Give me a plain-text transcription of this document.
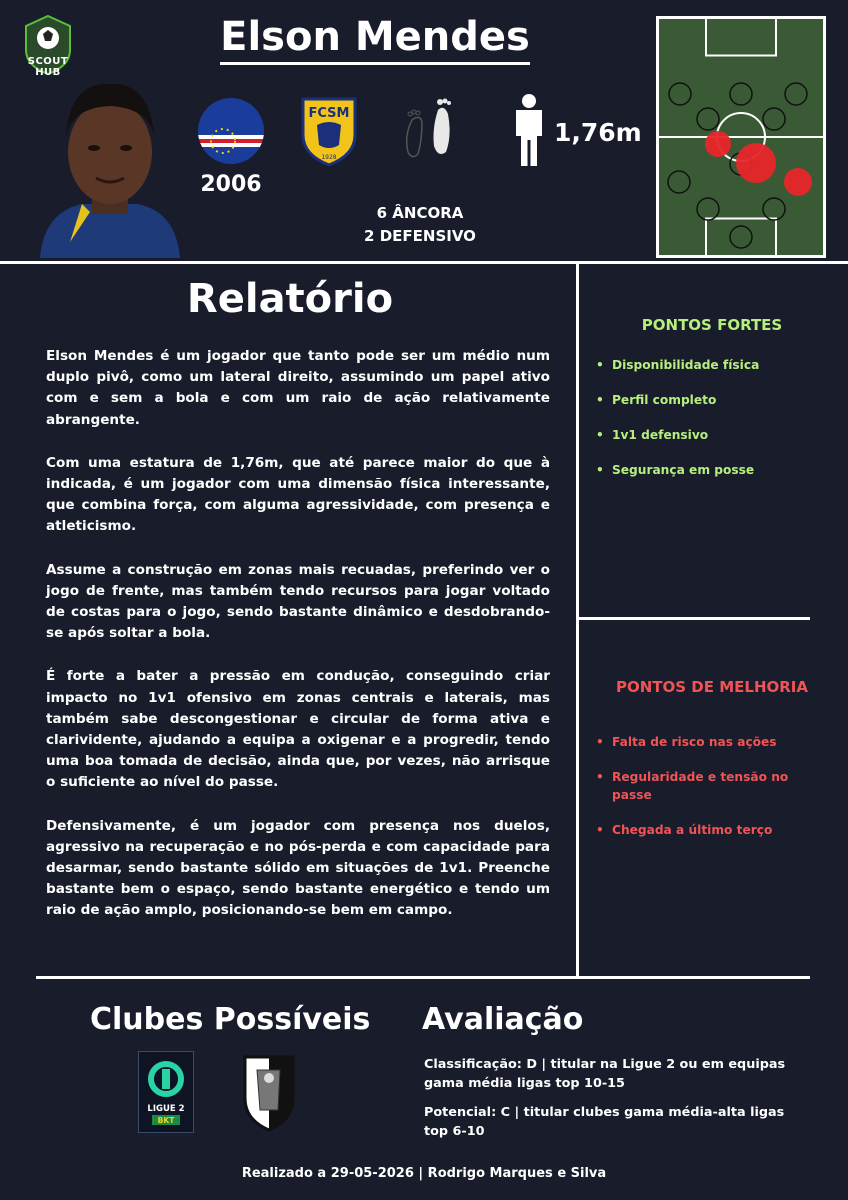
SCOUT HUB
Elson Mendes
2006
FCSM
1928
1,76m
6 ÂNCORA
2 DEFENSIVO
Relatório

Elson Mendes é um jogador que tanto pode ser um médio num duplo pivô, como um lateral direito, assumindo um papel ativo com e sem a bola e com um raio de ação relativamente abrangente.

Com uma estatura de 1,76m, que até parece maior do que à indicada, é um jogador com uma dimensão física interessante, que combina força, com alguma agressividade, com presença e atleticismo.

Assume a construção em zonas mais recuadas, preferindo ver o jogo de frente, mas também tendo recursos para jogar voltado de costas para o jogo, sendo bastante dinâmico e desdobrando-se após soltar a bola.

É forte a bater a pressão em condução, conseguindo criar impacto no 1v1 ofensivo em zonas centrais e laterais, mas também sabe descongestionar e circular de forma ativa e clarividente, ajudando a equipa a oxigenar e a progredir, tendo uma boa tomada de decisão, ainda que, por vezes, não arrisque o suficiente ao nível do passe.

Defensivamente, é um jogador com presença nos duelos, agressivo na recuperação e no pós-perda e com capacidade para desarmar, sendo bastante sólido em situações de 1v1. Preenche bastante bem o espaço, sendo bastante energético e tendo um raio de ação amplo, posicionando-se bem em campo.

PONTOS FORTES
• Disponibilidade física
• Perfil completo
• 1v1 defensivo
• Segurança em posse
PONTOS DE MELHORIA
• Falta de risco nas ações
• Regularidade e tensão no passe
• Chegada a último terço
Clubes Possíveis
LIGUE 2
BKT
Avaliação
Classificação: D | titular na Ligue 2 ou em equipas gama média ligas top 10-15
Potencial: C | titular clubes gama média-alta ligas top 6-10
Realizado a 29-05-2026 | Rodrigo Marques e Silva
